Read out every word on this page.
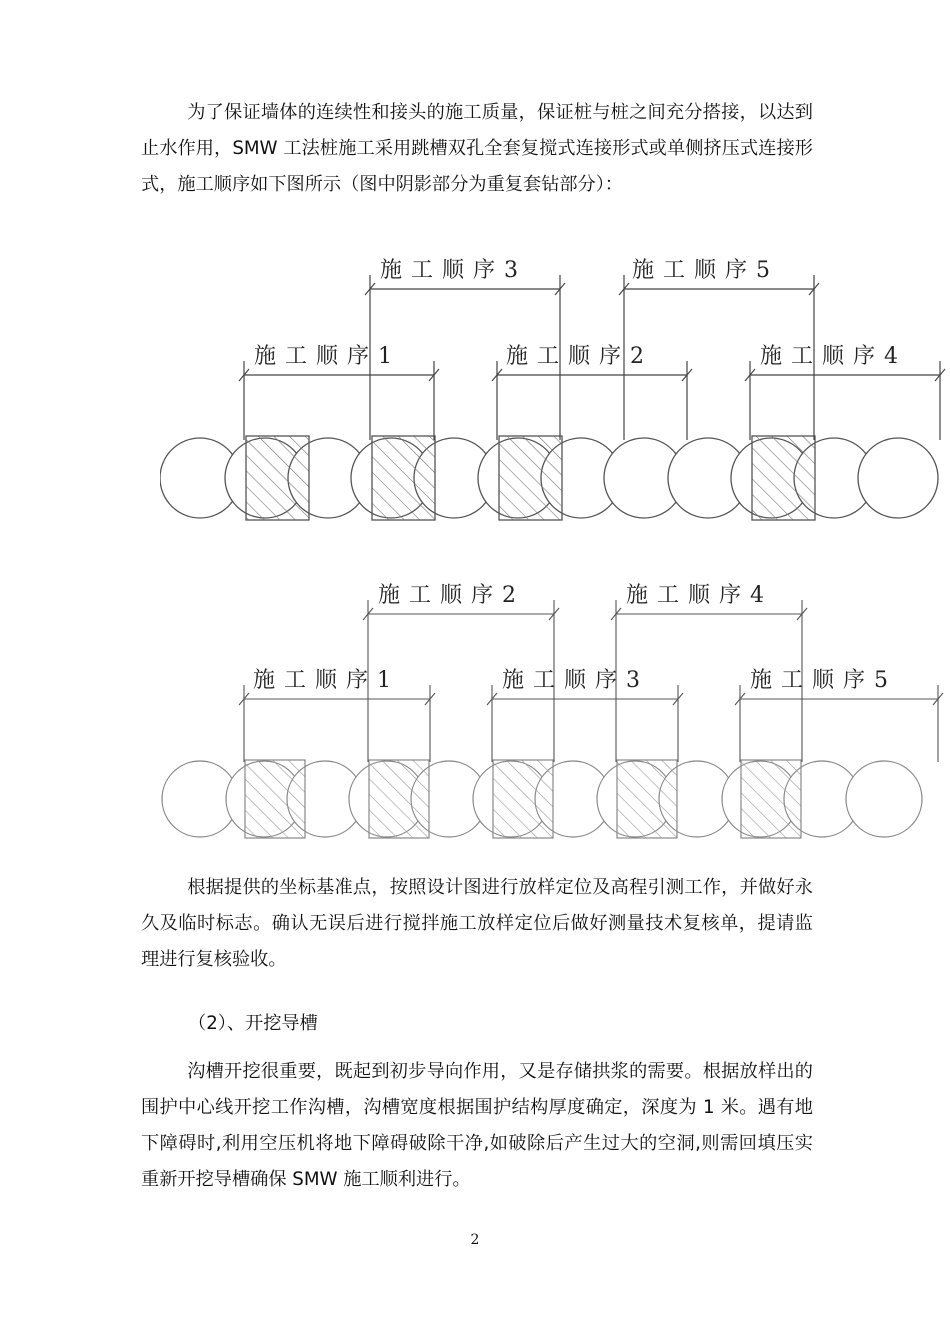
为了保证墙体的连续性和接头的施工质量，保证桩与桩之间充分搭接，以达到止水作用，SMW 工法桩施工采用跳槽双孔全套复搅式连接形式或单侧挤压式连接形式，施工顺序如下图所示（图中阴影部分为重复套钻部分）：

施 工 顺 序 3	施 工 顺 序 5
施 工 顺 序 1	施 工 顺 序 2	施 工 顺 序 4
施 工 顺 序 2	施 工 顺 序 4
施 工 顺 序 1	施 工 顺 序 3	施 工 顺 序 5

根据提供的坐标基准点，按照设计图进行放样定位及高程引测工作，并做好永久及临时标志。确认无误后进行搅拌施工放样定位后做好测量技术复核单，提请监理进行复核验收。

（2）、开挖导槽

沟槽开挖很重要，既起到初步导向作用，又是存储拱浆的需要。根据放样出的围护中心线开挖工作沟槽，沟槽宽度根据围护结构厚度确定，深度为 1 米。遇有地下障碍时,利用空压机将地下障碍破除干净,如破除后产生过大的空洞,则需回填压实重新开挖导槽确保 SMW 施工顺利进行。

2
